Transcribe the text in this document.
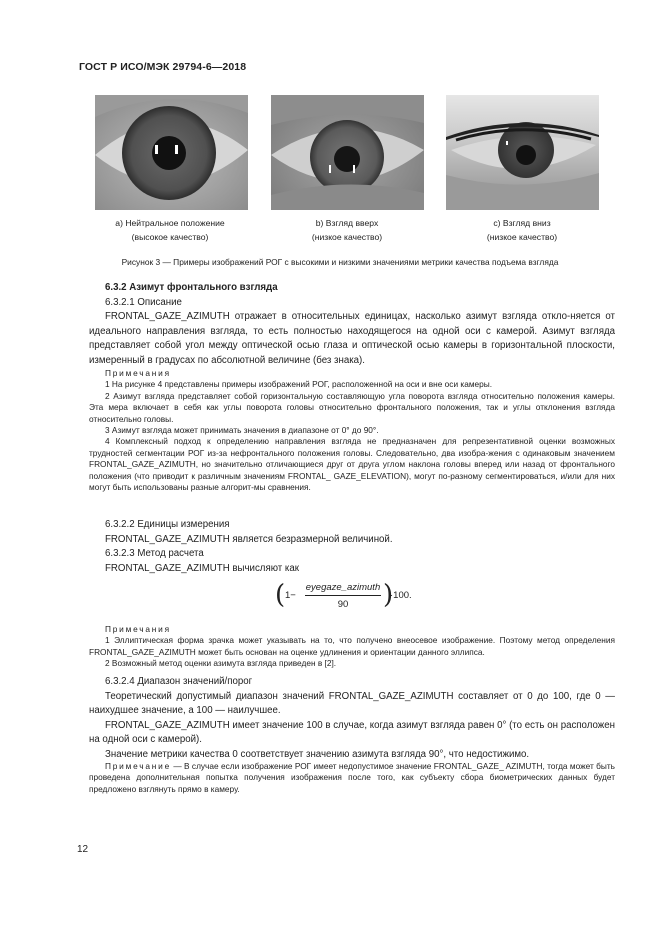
ГОСТ Р ИСО/МЭК 29794-6—2018
a) Нейтральное положение
(высокое качество)
b) Взгляд вверх
(низкое качество)
c) Взгляд вниз
(низкое качество)
Рисунок 3 — Примеры изображений РОГ с высокими и низкими значениями метрики качества подъема взгляда

6.3.2 Азимут фронтального взгляда

6.3.2.1 Описание

FRONTAL_GAZE_AZIMUTH отражает в относительных единицах, насколько азимут взгляда откло-няется от идеального направления взгляда, то есть полностью находящегося на одной оси с камерой. Азимут взгляда представляет собой угол между оптической осью глаза и оптической осью камеры в горизонтальной плоскости, измеренный в градусах по абсолютной величине (без знака).

Примечания

1 На рисунке 4 представлены примеры изображений РОГ, расположенной на оси и вне оси камеры.

2 Азимут взгляда представляет собой горизонтальную составляющую угла поворота взгляда относительно положения камеры. Эта мера включает в себя как углы поворота головы относительно фронтального положения, так и углы отклонения взгляда относительно головы.

3 Азимут взгляда может принимать значения в диапазоне от 0° до 90°.

4 Комплексный подход к определению направления взгляда не предназначен для репрезентативной оценки возможных трудностей сегментации РОГ из-за нефронтального положения головы. Следовательно, два изобра-жения с одинаковым значением FRONTAL_GAZE_AZIMUTH, но значительно отличающиеся друг от друга углом наклона головы вперед или назад от фронтального положения (что приводит к различным значениям FRONTAL_ GAZE_ELEVATION), могут по-разному сегментироваться, и/или для них могут быть использованы разные алгорит-мы сравнения.

6.3.2.2 Единицы измерения

FRONTAL_GAZE_AZIMUTH является безразмерной величиной.

6.3.2.3 Метод расчета

FRONTAL_GAZE_AZIMUTH вычисляют как

( 1−
eyegaze_azimuth
90	)
·100.

Примечания

1 Эллиптическая форма зрачка может указывать на то, что получено внеосевое изображение. Поэтому метод определения FRONTAL_GAZE_AZIMUTH может быть основан на оценке удлинения и ориентации данного эллипса.

2 Возможный метод оценки азимута взгляда приведен в [2].

6.3.2.4 Диапазон значений/порог

Теоретический допустимый диапазон значений FRONTAL_GAZE_AZIMUTH составляет от 0 до 100, где 0 — наихудшее значение, а 100 — наилучшее.

FRONTAL_GAZE_AZIMUTH имеет значение 100 в случае, когда азимут взгляда равен 0° (то есть он расположен на одной оси с камерой).

Значение метрики качества 0 соответствует значению азимута взгляда 90°, что недостижимо.

Примечание — В случае если изображение РОГ имеет недопустимое значение FRONTAL_GAZE_ AZIMUTH, тогда может быть проведена дополнительная попытка получения изображения после того, как субъекту сбора биометрических данных будет предложено взглянуть прямо в камеру.

12
